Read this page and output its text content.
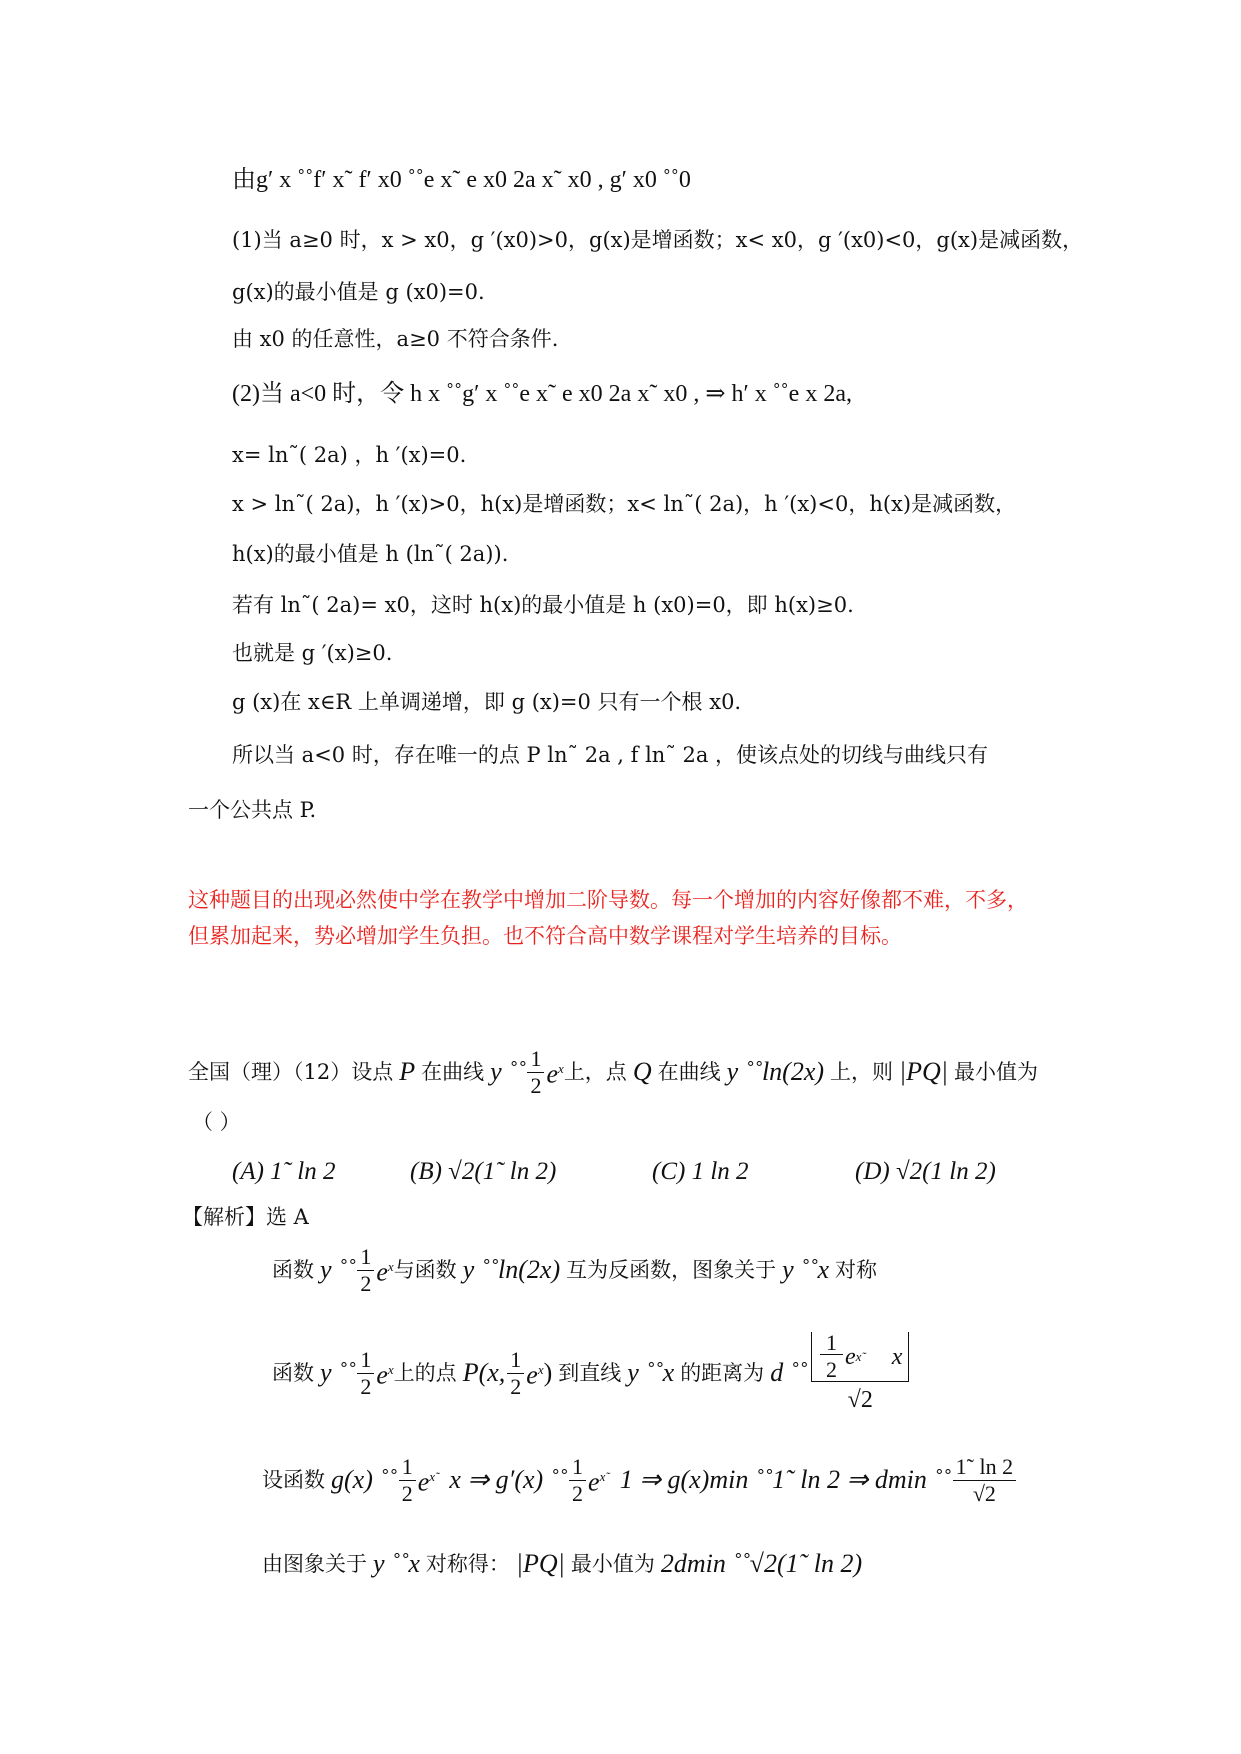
由g′ x ˚˚f′ x˜ f′ x0 ˚˚e x˜ e x0 2a x˜ x0 , g′ x0 ˚˚0
(1)当 a≥0 时，x > x0，g ′(x0)>0，g(x)是增函数；x< x0，g ′(x0)<0，g(x)是减函数，
g(x)的最小值是 g (x0)=0.
由 x0 的任意性，a≥0 不符合条件.
(2)当 a<0 时，令 h x ˚˚g′ x ˚˚e x˜ e x0 2a x˜ x0 , ⇒ h′ x ˚˚e x 2a,
x= ln˜( 2a) ，h ′(x)=0.
x > ln˜( 2a)，h ′(x)>0，h(x)是增函数；x< ln˜( 2a)，h ′(x)<0，h(x)是减函数，
h(x)的最小值是 h (ln˜( 2a)).
若有 ln˜( 2a)= x0，这时 h(x)的最小值是 h (x0)=0，即 h(x)≥0.
也就是 g ′(x)≥0.
g (x)在 x∈R 上单调递增，即 g (x)=0 只有一个根 x0.
所以当 a<0 时，存在唯一的点 P ln˜ 2a , f ln˜ 2a ，使该点处的切线与曲线只有
一个公共点 P.
这种题目的出现必然使中学在教学中增加二阶导数。每一个增加的内容好像都不难，不多，
但累加起来，势必增加学生负担。也不符合高中数学课程对学生培养的目标。
全国（理）（12）设点 P 在曲线 y ˚˚ $\frac{1}{2} e^x$ 上，点 Q 在曲线 y ˚˚ln(2x) 上，则 |PQ| 最小值为
（ ）
(A) 1˜ ln 2	(B) √2(1˜ ln 2)	(C) 1 ln 2	(D) √2(1 ln 2)
【解析】选 A
函数 y ˚˚ $\frac{1}{2} e^x$ 与函数 y ˚˚ln(2x) 互为反函数，图象关于 y ˚˚x 对称
函数 y ˚˚ $\frac{1}{2} e^x$ 上的点 P(x, $\frac{1}{2} e^x$ ) 到直线 y ˚˚x 的距离为 d ˚˚ $\frac{\frac{1}{2} e x˜ x}{√2}$
设函数 g(x) ˚˚ $\frac{1}{2} e^{x˜}$ x ⇒ g′(x) ˚˚ $\frac{1}{2} e^{x˜}$ 1 ⇒ g(x)min ˚˚1˜ ln 2 ⇒ dmin ˚˚ $\frac{1˜ \ln 2}{√2}$
由图象关于 y ˚˚x 对称得： |PQ| 最小值为 2dmin ˚˚√2(1˜ ln 2)
